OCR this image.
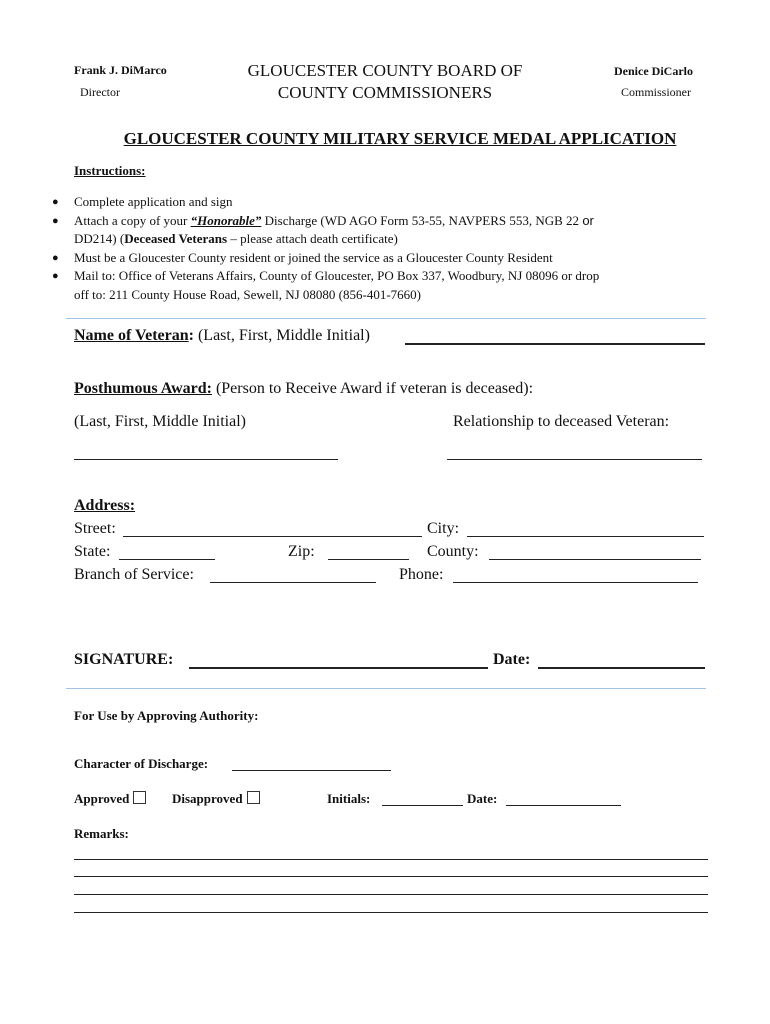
Frank J. DiMarco
Director
GLOUCESTER COUNTY BOARD OF
COUNTY COMMISSIONERS
Denice DiCarlo
Commissioner
GLOUCESTER COUNTY MILITARY SERVICE MEDAL APPLICATION
Instructions:
● Complete application and sign
● Attach a copy of your “Honorable” Discharge (WD AGO Form 53-55, NAVPERS 553, NGB 22 or
DD214) (Deceased Veterans – please attach death certificate)
● Must be a Gloucester County resident or joined the service as a Gloucester County Resident
● Mail to: Office of Veterans Affairs, County of Gloucester, PO Box 337, Woodbury, NJ 08096 or drop
off to: 211 County House Road, Sewell, NJ 08080 (856-401-7660)
Name of Veteran: (Last, First, Middle Initial)
Posthumous Award: (Person to Receive Award if veteran is deceased):
(Last, First, Middle Initial)	Relationship to deceased Veteran:
Address:
Street:	City:
State:	Zip:	County:
Branch of Service:	Phone:
SIGNATURE:	Date:
For Use by Approving Authority:
Character of Discharge:
Approved	Disapproved	Initials:	Date:
Remarks:
